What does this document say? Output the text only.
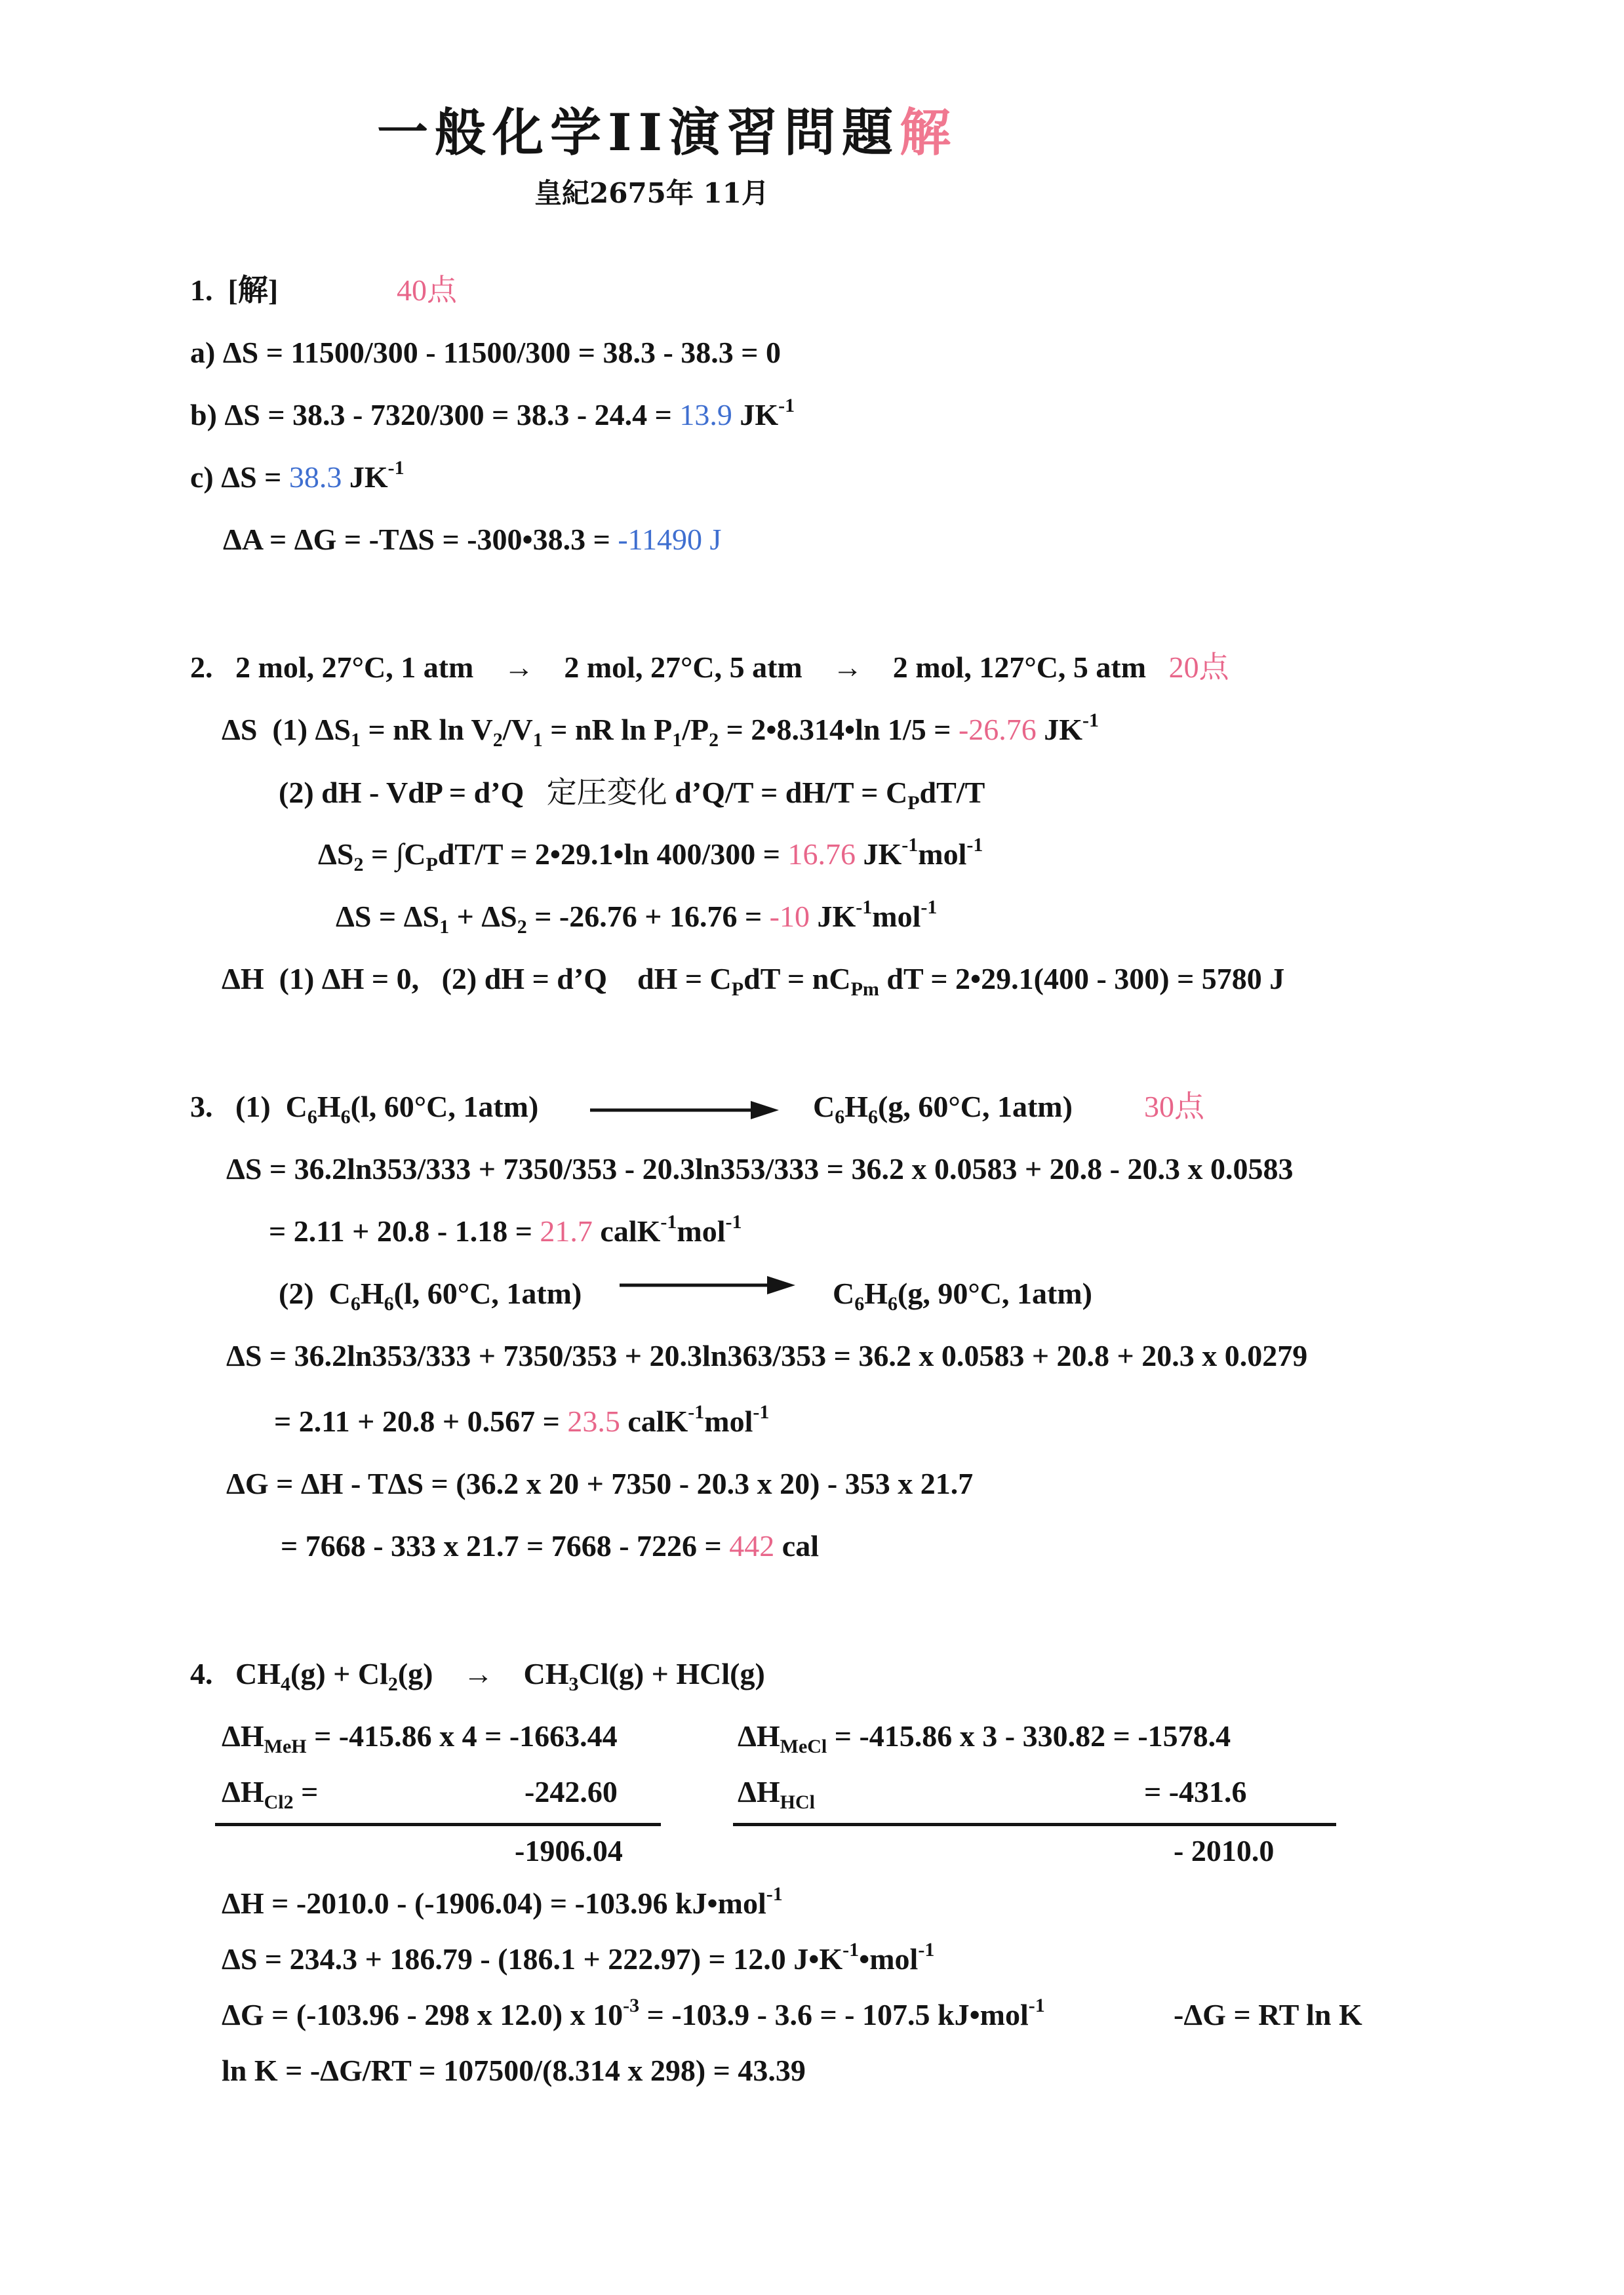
一般化学II演習問題解
皇紀2675年 11月
1. [解]	40点
a) ΔS = 11500/300 - 11500/300 = 38.3 - 38.3 = 0
b) ΔS = 38.3 - 7320/300 = 38.3 - 24.4 = 13.9 $JK^{-1}$
c) ΔS = 38.3 $JK^{-1}$
ΔA = ΔG = -TΔS = -300•38.3 = -11490 J
2. 2 mol, 27°C, 1 atm → 2 mol, 27°C, 5 atm → 2 mol, 127°C, 5 atm 20点
ΔS  (1) $\Delta S_1$ = nR $\ln V_2/V_1$ = nR $\ln P_1/P_2$ = 2•8.314•ln 1/5 = -26.76 $JK^{-1}$
(2) dH - VdP = d’Q   定圧変化 d’Q/T = $dH/T = C_PdT/T$
$\Delta S_2 = \int C_PdT/T$ = 2•29.1•ln 400/300 = 16.76 $JK^{-1}mol^{-1}$
$\Delta S = \Delta S_1 + \Delta S_2 = -26.76 + 16.76 = -10$ $JK^{-1}mol^{-1}$
ΔH  (1) ΔH = 0,   (2) dH = d’Q    dH = $C_PdT = nC_{Pm}$ dT = 2•29.1(400 - 300) = 5780 J
3.   (1)  $C_6H_6(l$, 60°C, 1atm)	$C_6H_6(g$, 60°C, 1atm) 30点
ΔS = 36.2ln353/333 + 7350/353 - 20.3ln353/333 = 36.2 x 0.0583 + 20.8 - 20.3 x 0.0583
= 2.11 + 20.8 - 1.18 = 21.7 calK$^{-1}$mol$^{-1}$
(2)  $C_6H_6(l$, 60°C, 1atm)	$C_6H_6(g$, 90°C, 1atm)
ΔS = 36.2ln353/333 + 7350/353 + 20.3ln363/353 = 36.2 x 0.0583 + 20.8 + 20.3 x 0.0279
= 2.11 + 20.8 + 0.567 = 23.5 calK$^{-1}$mol$^{-1}$
ΔG = ΔH - TΔS = (36.2 x 20 + 7350 - 20.3 x 20) - 353 x 21.7
= 7668 - 333 x 21.7 = 7668 - 7226 = 442 cal
4.   $CH_4(g) + Cl_2(g)$    →    $CH_3Cl(g) + HCl(g)$
$\Delta H_{MeH} = -415.86$ x 4 = -1663.44	$\Delta H_{MeCl} = -415.86$ x 3 - 330.82 = -1578.4
$\Delta H_{Cl2}$ =	-242.60	$\Delta H_{HCl}$	= -431.6
-1906.04	- 2010.0
ΔH = -2010.0 - (-1906.04) = -103.96 kJ•mol$^{-1}$
ΔS = 234.3 + 186.79 - (186.1 + 222.97) = 12.0 $J•K^{-1}•mol^{-1}$
ΔG = (-103.96 - 298 x 12.0) x $10^{-3} = -103.9 - 3.6$ = - 107.5 kJ•mol$^{-1}$	-ΔG = RT ln K
ln K = -ΔG/RT = 107500/(8.314 x 298) = 43.39
